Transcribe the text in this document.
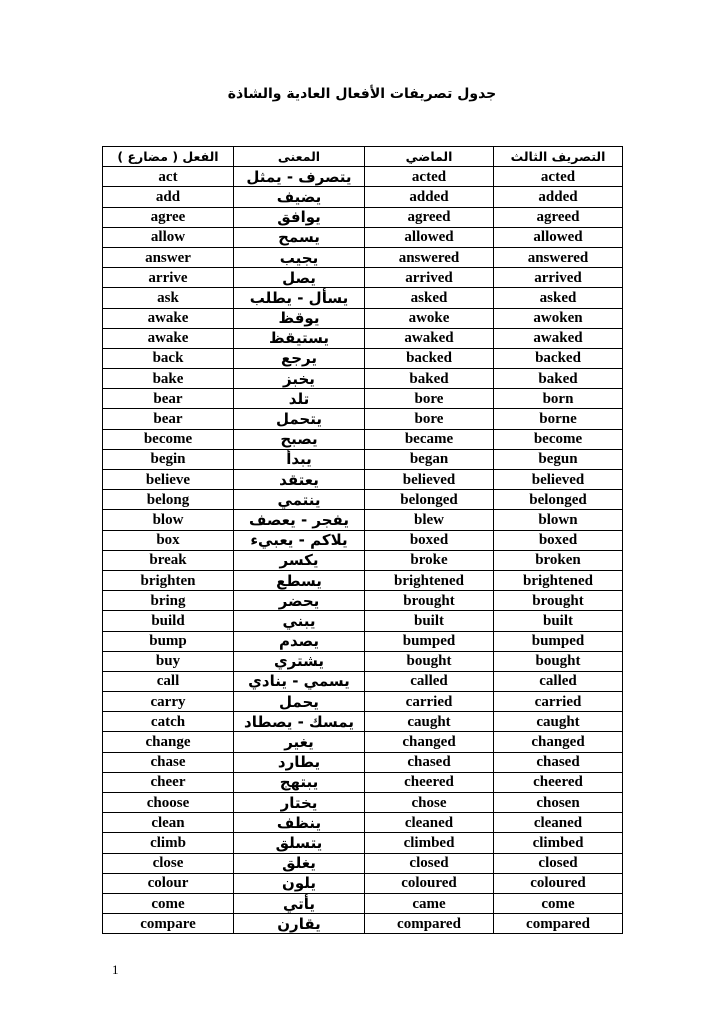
جدول تصريفات الأفعال العادية والشاذة
الفعل ( مضارع )	المعنى	الماضي	التصريف الثالث
act	يتصرف - يمثل	acted	acted
add	يضيف	added	added
agree	يوافق	agreed	agreed
allow	يسمح	allowed	allowed
answer	يجيب	answered	answered
arrive	يصل	arrived	arrived
ask	يسأل - يطلب	asked	asked
awake	يوقظ	awoke	awoken
awake	يستيقظ	awaked	awaked
back	يرجع	backed	backed
bake	يخبز	baked	baked
bear	تلد	bore	born
bear	يتحمل	bore	borne
become	يصبح	became	become
begin	يبدأ	began	begun
believe	يعتقد	believed	believed
belong	ينتمي	belonged	belonged
blow	يفجر - يعصف	blew	blown
box	يلاكم - يعبيء	boxed	boxed
break	يكسر	broke	broken
brighten	يسطع	brightened	brightened
bring	يحضر	brought	brought
build	يبني	built	built
bump	يصدم	bumped	bumped
buy	يشتري	bought	bought
call	يسمي - ينادي	called	called
carry	يحمل	carried	carried
catch	يمسك - يصطاد	caught	caught
change	يغير	changed	changed
chase	يطارد	chased	chased
cheer	يبتهج	cheered	cheered
choose	يختار	chose	chosen
clean	ينظف	cleaned	cleaned
climb	يتسلق	climbed	climbed
close	يغلق	closed	closed
colour	يلون	coloured	coloured
come	يأتي	came	come
compare	يقارن	compared	compared
1
